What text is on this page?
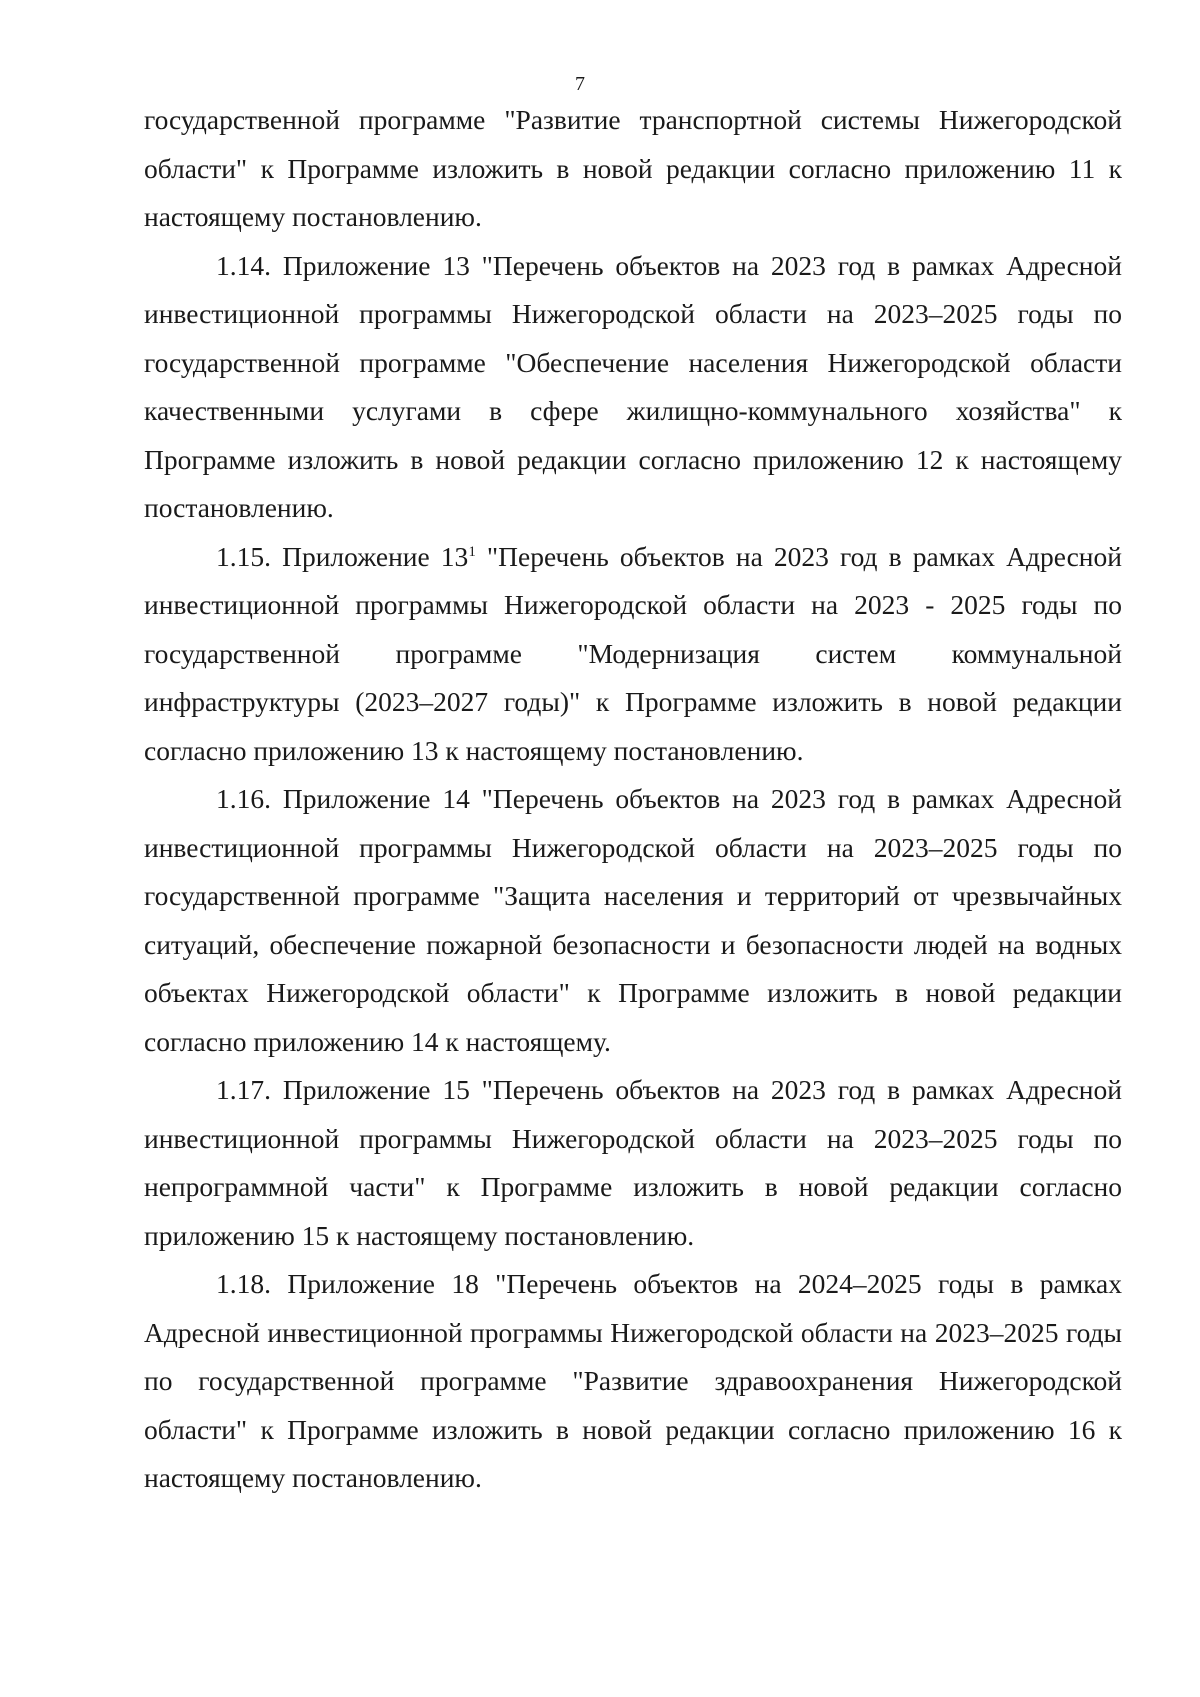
7

государственной программе "Развитие транспортной системы Нижегородской области" к Программе изложить в новой редакции согласно приложению 11 к настоящему постановлению.

1.14. Приложение 13 "Перечень объектов на 2023 год в рамках Адресной инвестиционной программы Нижегородской области на 2023–2025 годы по государственной программе "Обеспечение населения Нижегородской области качественными услугами в сфере жилищно-коммунального хозяйства" к Программе изложить в новой редакции согласно приложению 12 к настоящему постановлению.

1.15. Приложение $13^1$ "Перечень объектов на 2023 год в рамках Адресной инвестиционной программы Нижегородской области на 2023 - 2025 годы по государственной программе "Модернизация систем коммунальной инфраструктуры (2023–2027 годы)" к Программе изложить в новой редакции согласно приложению 13 к настоящему постановлению.

1.16. Приложение 14 "Перечень объектов на 2023 год в рамках Адресной инвестиционной программы Нижегородской области на 2023–2025 годы по государственной программе "Защита населения и территорий от чрезвычайных ситуаций, обеспечение пожарной безопасности и безопасности людей на водных объектах Нижегородской области" к Программе изложить в новой редакции согласно приложению 14 к настоящему.

1.17. Приложение 15 "Перечень объектов на 2023 год в рамках Адресной инвестиционной программы Нижегородской области на 2023–2025 годы по непрограммной части" к Программе изложить в новой редакции согласно приложению 15 к настоящему постановлению.

1.18. Приложение 18 "Перечень объектов на 2024–2025 годы в рамках Адресной инвестиционной программы Нижегородской области на 2023–2025 годы по государственной программе "Развитие здравоохранения Нижегородской области" к Программе изложить в новой редакции согласно приложению 16 к настоящему постановлению.
